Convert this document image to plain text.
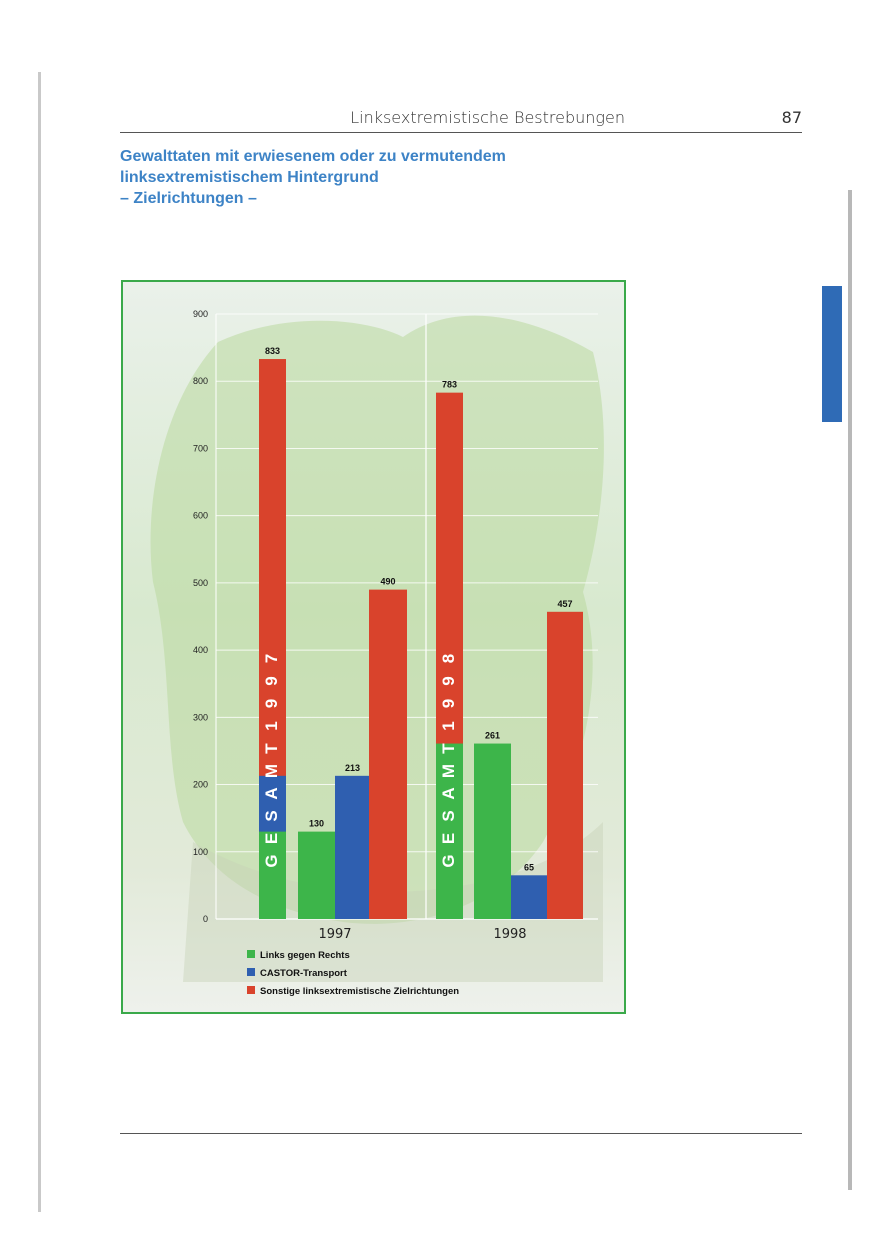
Linksextremistische Bestrebungen	87
Gewalttaten mit erwiesenem oder zu vermutendem
linksextremistischem Hintergrund
– Zielrichtungen –
0
100
200
300
400
500
600
700
800
900
833
G
E
S
A
M
T
1
9
9
7
130
213
490
1997
783
G
E
S
A
M
T
1
9
9
8
261
65
457
1998
Links gegen Rechts
CASTOR-Transport
Sonstige linksextremistische Zielrichtungen
